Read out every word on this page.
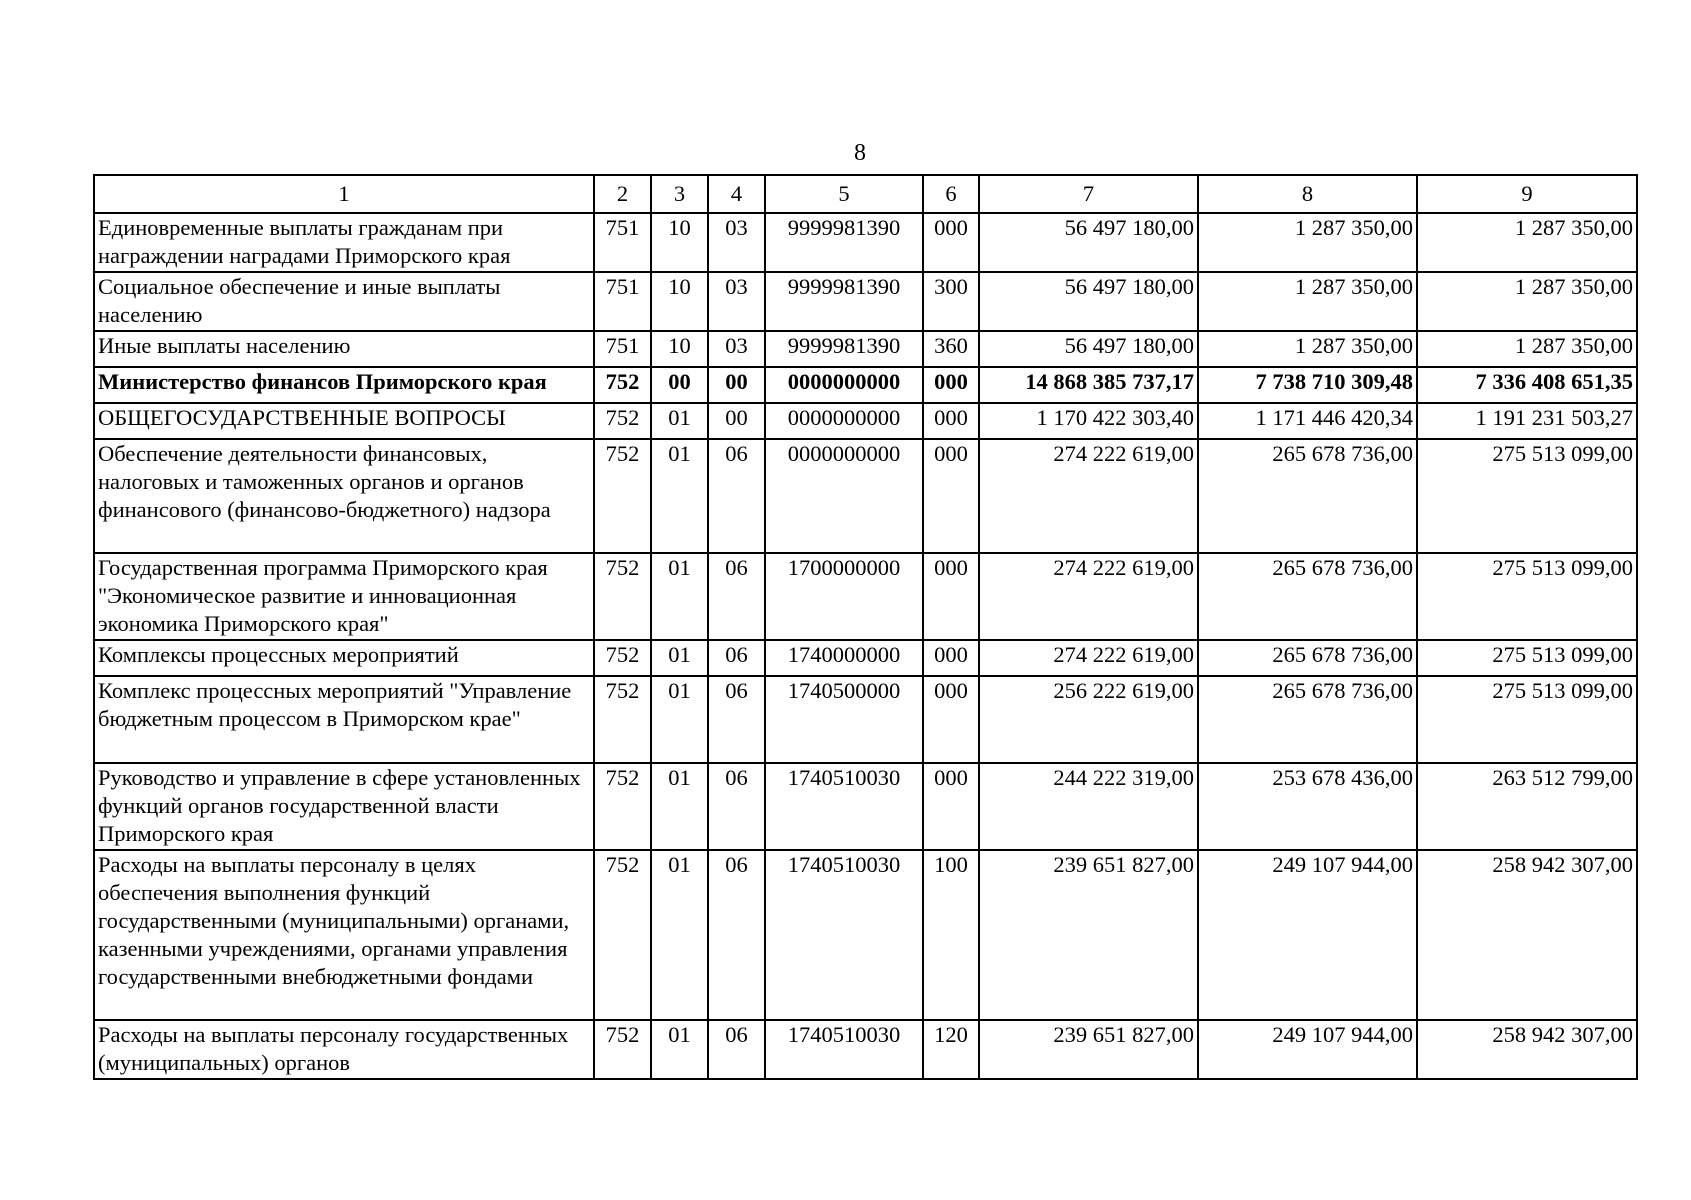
8
1	2	3	4	5	6	7	8	9
Единовременные выплаты гражданам при награждении наградами Приморского края	751	10	03	9999981390	000	56 497 180,00	1 287 350,00	1 287 350,00
Социальное обеспечение и иные выплаты населению	751	10	03	9999981390	300	56 497 180,00	1 287 350,00	1 287 350,00
Иные выплаты населению	751	10	03	9999981390	360	56 497 180,00	1 287 350,00	1 287 350,00
Министерство финансов Приморского края	752	00	00	0000000000	000	14 868 385 737,17	7 738 710 309,48	7 336 408 651,35
ОБЩЕГОСУДАРСТВЕННЫЕ ВОПРОСЫ	752	01	00	0000000000	000	1 170 422 303,40	1 171 446 420,34	1 191 231 503,27
Обеспечение деятельности финансовых, налоговых и таможенных органов и органов финансового (финансово-бюджетного) надзора	752	01	06	0000000000	000	274 222 619,00	265 678 736,00	275 513 099,00
Государственная программа Приморского края "Экономическое развитие и инновационная экономика Приморского края"	752	01	06	1700000000	000	274 222 619,00	265 678 736,00	275 513 099,00
Комплексы процессных мероприятий	752	01	06	1740000000	000	274 222 619,00	265 678 736,00	275 513 099,00
Комплекс процессных мероприятий "Управление бюджетным процессом в Приморском крае"	752	01	06	1740500000	000	256 222 619,00	265 678 736,00	275 513 099,00
Руководство и управление в сфере установленных функций органов государственной власти Приморского края	752	01	06	1740510030	000	244 222 319,00	253 678 436,00	263 512 799,00
Расходы на выплаты персоналу в целях обеспечения выполнения функций государственными (муниципальными) органами, казенными учреждениями, органами управления государственными внебюджетными фондами	752	01	06	1740510030	100	239 651 827,00	249 107 944,00	258 942 307,00
Расходы на выплаты персоналу государственных (муниципальных) органов	752	01	06	1740510030	120	239 651 827,00	249 107 944,00	258 942 307,00
